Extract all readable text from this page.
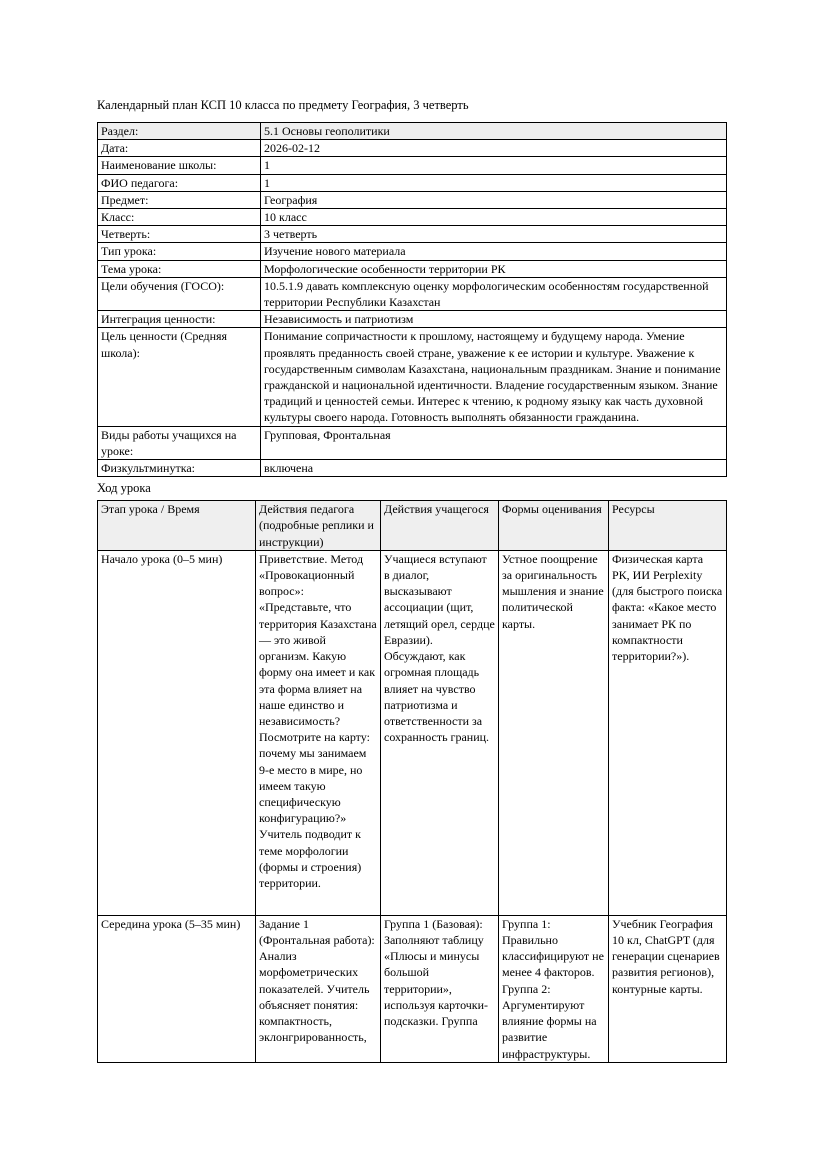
Календарный план КСП 10 класса по предмету География, 3 четверть

Раздел:	5.1 Основы геополитики
Дата:	2026-02-12
Наименование школы:	1
ФИО педагога:	1
Предмет:	География
Класс:	10 класс
Четверть:	3 четверть
Тип урока:	Изучение нового материала
Тема урока:	Морфологические особенности территории РК
Цели обучения (ГОСО):	10.5.1.9 давать комплексную оценку морфологическим особенностям государственной территории Республики Казахстан
Интеграция ценности:	Независимость и патриотизм
Цель ценности (Средняя школа):	Понимание сопричастности к прошлому, настоящему и будущему народа. Умение проявлять преданность своей стране, уважение к ее истории и культуре. Уважение к государственным символам Казахстана, национальным праздникам. Знание и понимание гражданской и национальной идентичности. Владение государственным языком. Знание традиций и ценностей семьи. Интерес к чтению, к родному языку как часть духовной культуры своего народа. Готовность выполнять обязанности гражданина.
Виды работы учащихся на уроке:	Групповая, Фронтальная
Физкультминутка:	включена

Ход урока

Этап урока / Время	Действия педагога (подробные реплики и инструкции)	Действия учащегося	Формы оценивания	Ресурсы
Начало урока (0–5 мин)	Приветствие. Метод «Провокационный вопрос»: «Представьте, что территория Казахстана — это живой организм. Какую форму она имеет и как эта форма влияет на наше единство и независимость? Посмотрите на карту: почему мы занимаем 9-е место в мире, но имеем такую специфическую конфигурацию?» Учитель подводит к теме морфологии (формы и строения) территории.	Учащиеся вступают в диалог, высказывают ассоциации (щит, летящий орел, сердце Евразии). Обсуждают, как огромная площадь влияет на чувство патриотизма и ответственности за сохранность границ.	Устное поощрение за оригинальность мышления и знание политической карты.	Физическая карта РК, ИИ Perplexity (для быстрого поиска факта: «Какое место занимает РК по компактности территории?»).
Середина урока (5–35 мин)	Задание 1 (Фронтальная работа): Анализ морфометрических показателей. Учитель объясняет понятия: компактность, эклонгрированность,	Группа 1 (Базовая): Заполняют таблицу «Плюсы и минусы большой территории», используя карточки-подсказки. Группа	Группа 1: Правильно классифицируют не менее 4 факторов. Группа 2: Аргументируют влияние формы на развитие инфраструктуры.	Учебник География 10 кл, ChatGPT (для генерации сценариев развития регионов), контурные карты.
